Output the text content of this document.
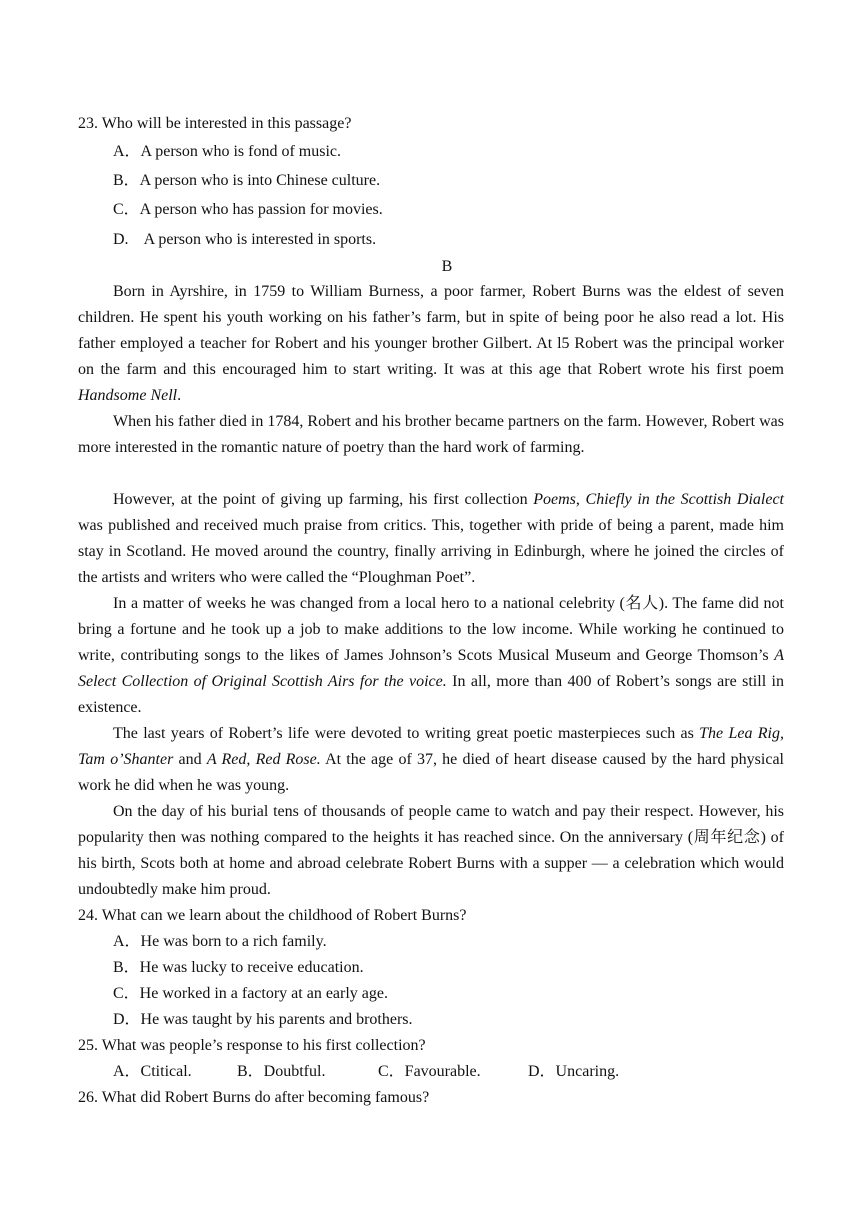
23. Who will be interested in this passage?
A．A person who is fond of music.
B．A person who is into Chinese culture.
C．A person who has passion for movies.
D.    A person who is interested in sports.
B

Born in Ayrshire, in 1759 to William Burness, a poor farmer, Robert Burns was the eldest of seven children. He spent his youth working on his father’s farm, but in spite of being poor he also read a lot. His father employed a teacher for Robert and his younger brother Gilbert. At l5 Robert was the principal worker on the farm and this encouraged him to start writing. It was at this age that Robert wrote his first poem Handsome Nell.

When his father died in 1784, Robert and his brother became partners on the farm. However, Robert was more interested in the romantic nature of poetry than the hard work of farming.

However, at the point of giving up farming, his first collection Poems, Chiefly in the Scottish Dialect was published and received much praise from critics. This, together with pride of being a parent, made him stay in Scotland. He moved around the country, finally arriving in Edinburgh, where he joined the circles of the artists and writers who were called the “Ploughman Poet”.

In a matter of weeks he was changed from a local hero to a national celebrity (名人). The fame did not bring a fortune and he took up a job to make additions to the low income. While working he continued to write, contributing songs to the likes of James Johnson’s Scots Musical Museum and George Thomson’s A Select Collection of Original Scottish Airs for the voice. In all, more than 400 of Robert’s songs are still in existence.

The last years of Robert’s life were devoted to writing great poetic masterpieces such as The Lea Rig, Tam o’Shanter and A Red, Red Rose. At the age of 37, he died of heart disease caused by the hard physical work he did when he was young.

On the day of his burial tens of thousands of people came to watch and pay their respect. However, his popularity then was nothing compared to the heights it has reached since. On the anniversary (周年纪念) of his birth, Scots both at home and abroad celebrate Robert Burns with a supper — a celebration which would undoubtedly make him proud.

24. What can we learn about the childhood of Robert Burns?
A．He was born to a rich family.
B．He was lucky to receive education.
C．He worked in a factory at an early age.
D．He was taught by his parents and brothers.
25. What was people’s response to his first collection?
A．Ctitical.	B．Doubtful.	C．Favourable.	D．Uncaring.
26. What did Robert Burns do after becoming famous?
